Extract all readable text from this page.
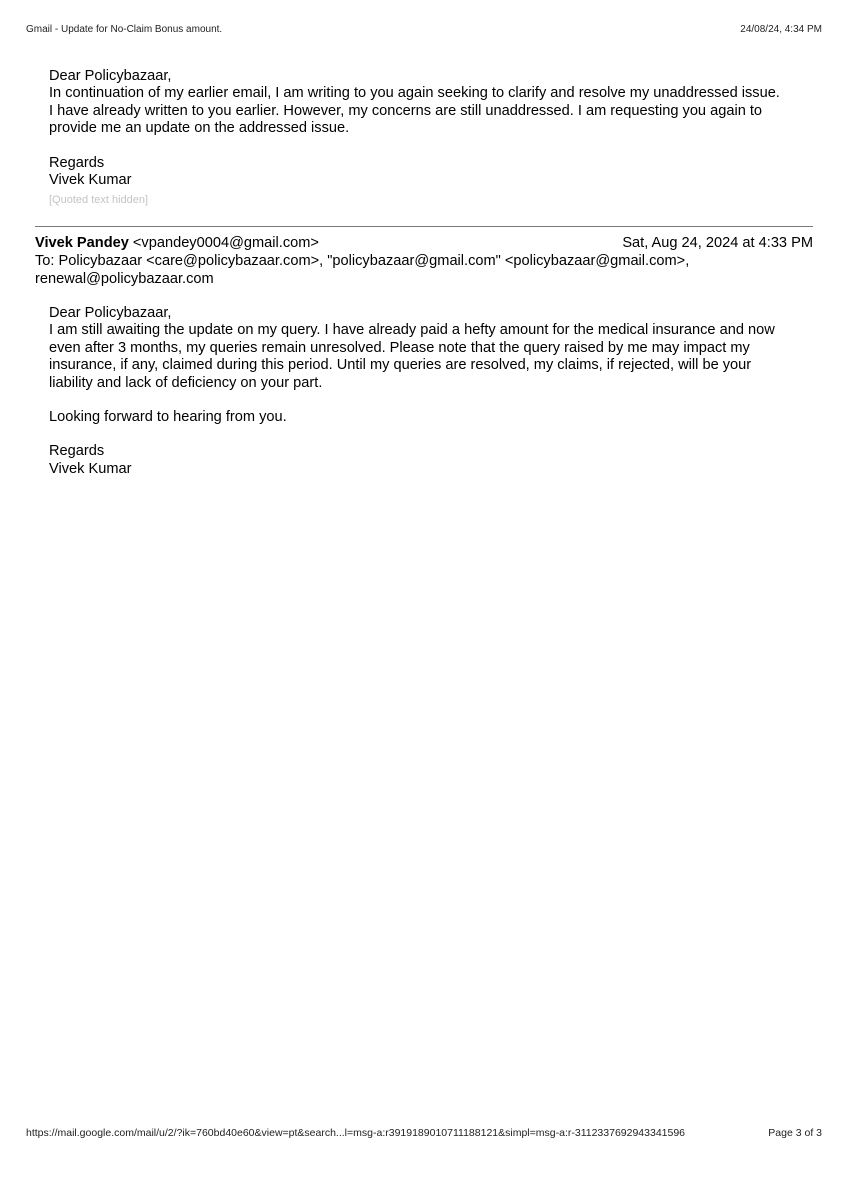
Gmail - Update for No-Claim Bonus amount.	24/08/24, 4:34 PM

Dear Policybazaar,

In continuation of my earlier email, I am writing to you again seeking to clarify and resolve my unaddressed issue.

I have already written to you earlier. However, my concerns are still unaddressed. I am requesting you again to

provide me an update on the addressed issue.

Regards

Vivek Kumar

[Quoted text hidden]
Vivek Pandey <vpandey0004@gmail.com>	Sat, Aug 24, 2024 at 4:33 PM
To: Policybazaar <care@policybazaar.com>, "policybazaar@gmail.com" <policybazaar@gmail.com>,
renewal@policybazaar.com

Dear Policybazaar,

I am still awaiting the update on my query. I have already paid a hefty amount for the medical insurance and now

even after 3 months, my queries remain unresolved. Please note that the query raised by me may impact my

insurance, if any, claimed during this period. Until my queries are resolved, my claims, if rejected, will be your

liability and lack of deficiency on your part.

Looking forward to hearing from you.

Regards

Vivek Kumar

https://mail.google.com/mail/u/2/?ik=760bd40e60&view=pt&search...l=msg-a:r3919189010711188121&simpl=msg-a:r-3112337692943341596	Page 3 of 3
